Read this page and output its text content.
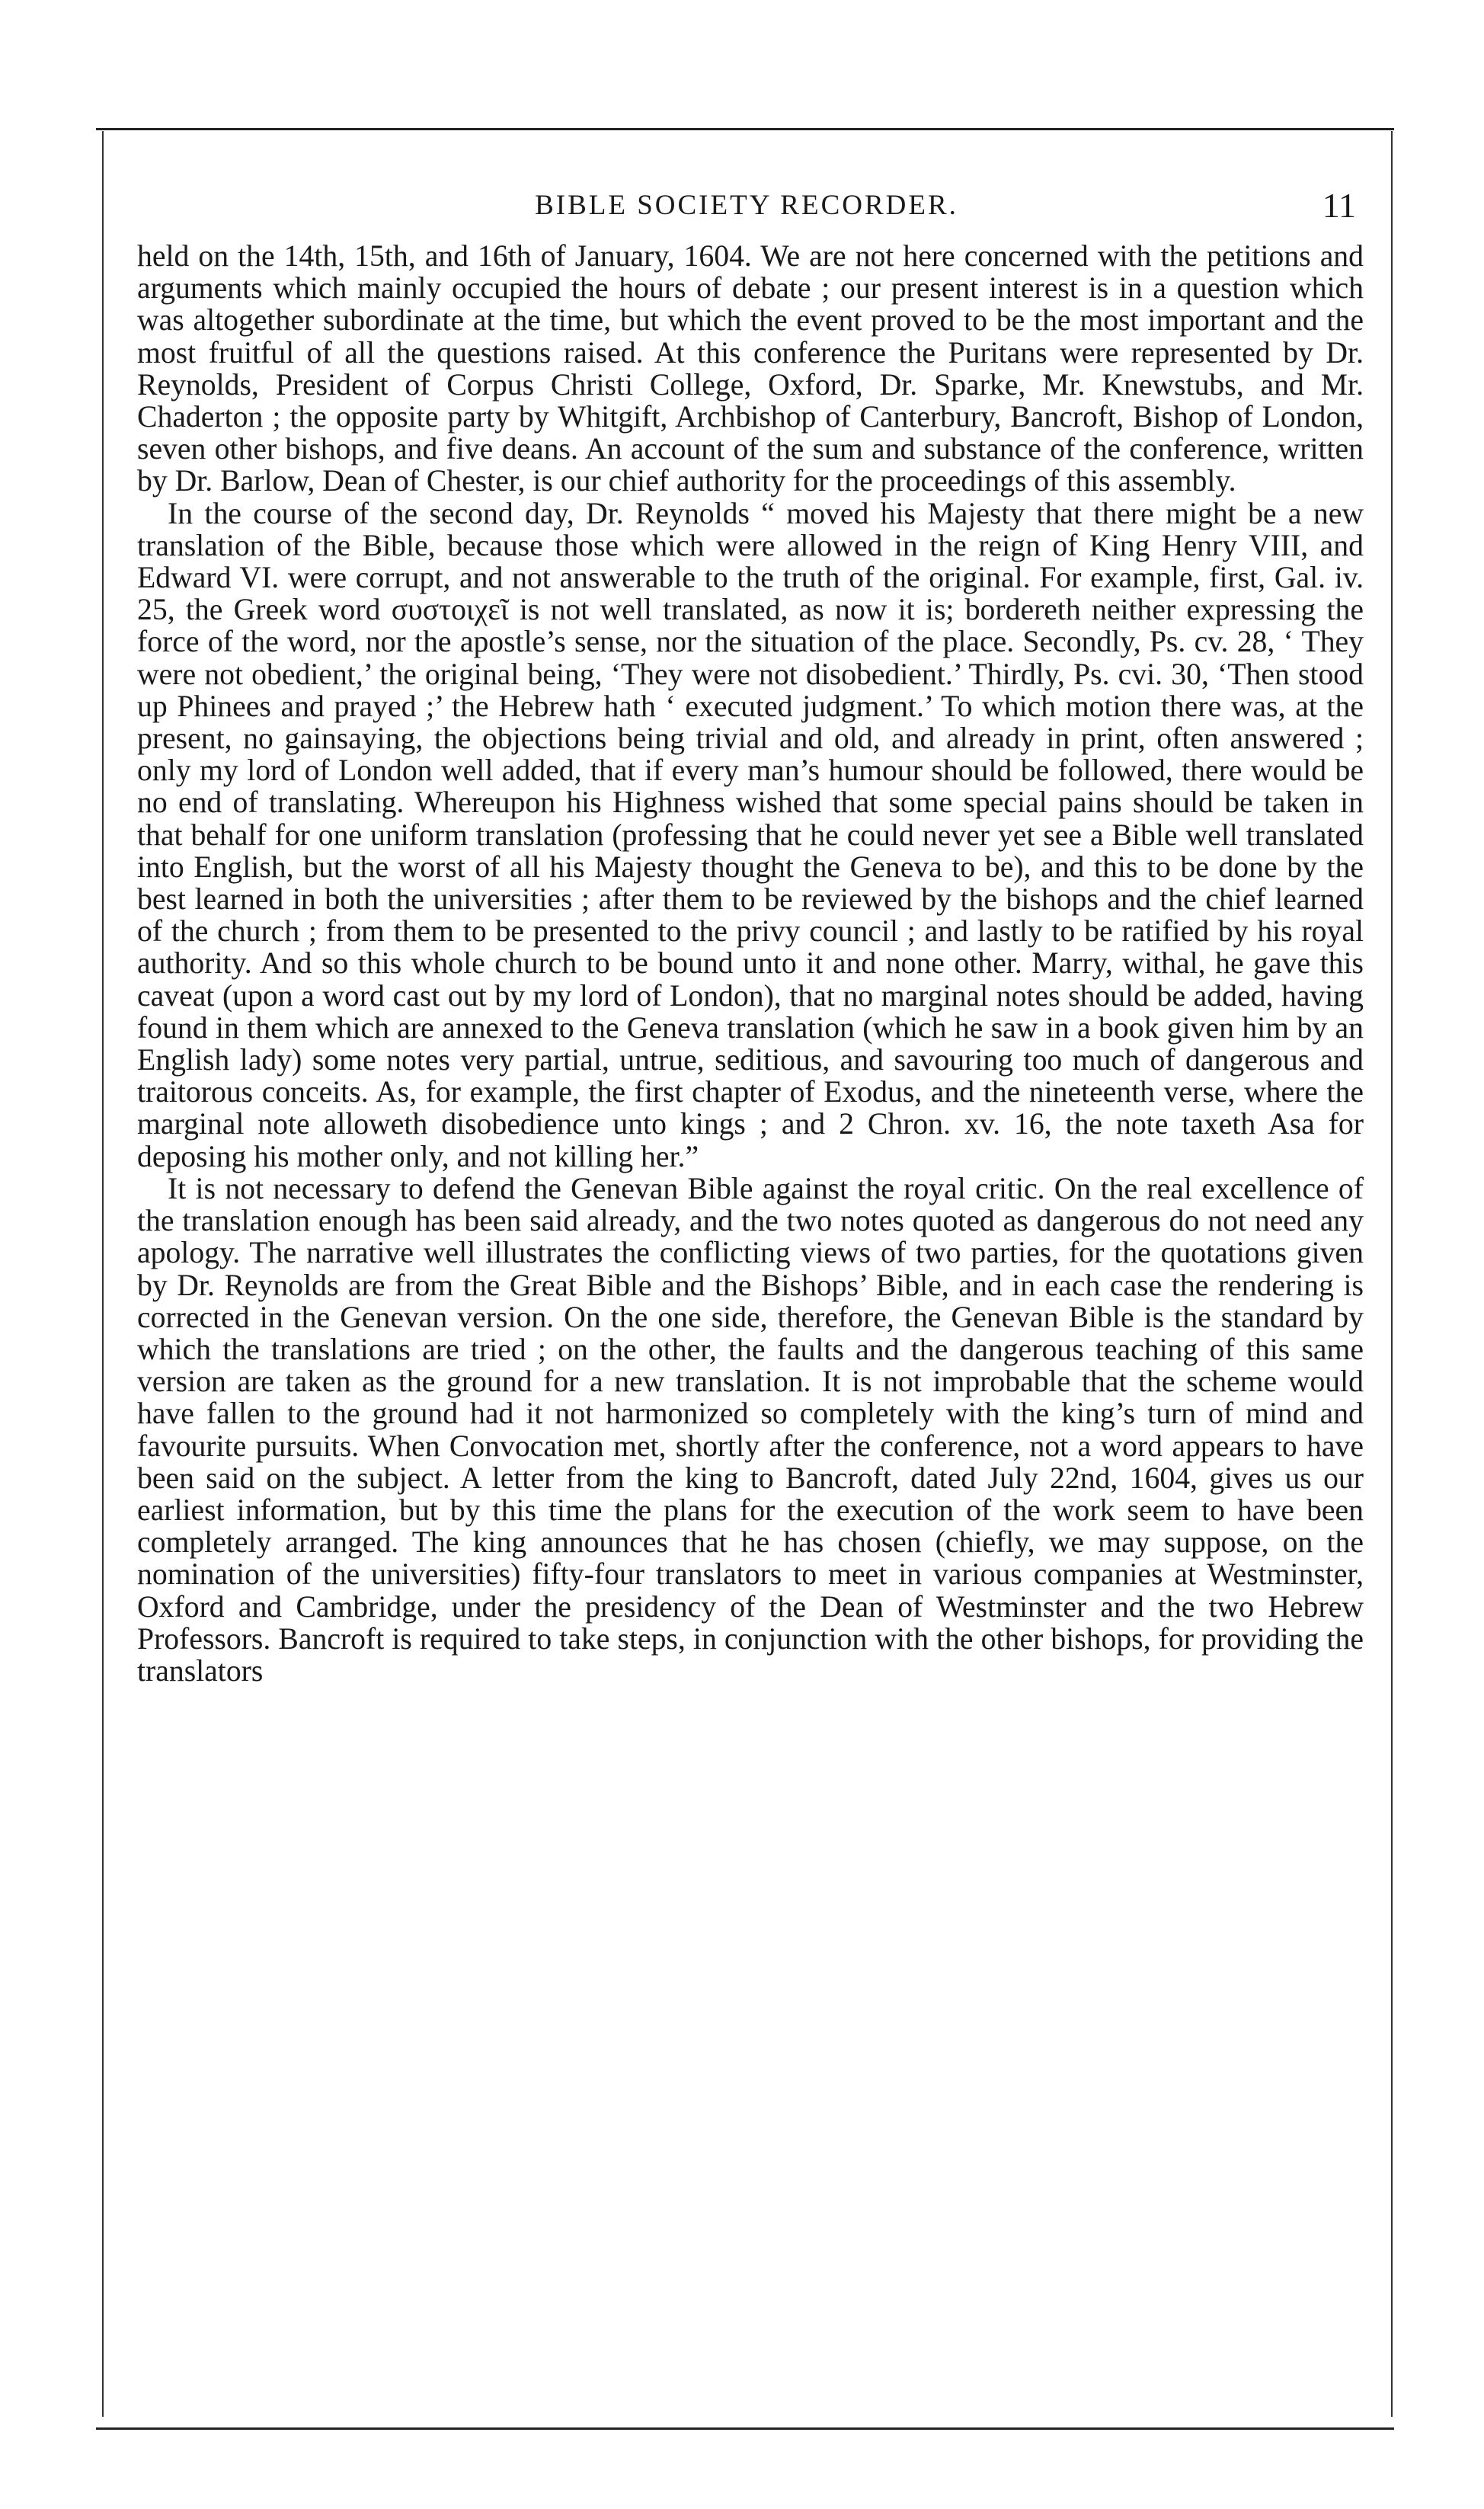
BIBLE SOCIETY RECORDER.	11

held on the 14th, 15th, and 16th of January, 1604. We are not here concerned with the petitions and arguments which mainly occupied the hours of debate ; our present interest is in a question which was altogether subordinate at the time, but which the event proved to be the most important and the most fruitful of all the questions raised. At this conference the Puritans were represented by Dr. Reynolds, President of Corpus Christi College, Oxford, Dr. Sparke, Mr. Knewstubs, and Mr. Chaderton ; the opposite party by Whitgift, Archbishop of Canterbury, Bancroft, Bishop of London, seven other bishops, and five deans. An account of the sum and substance of the conference, written by Dr. Barlow, Dean of Chester, is our chief authority for the proceedings of this assembly.

In the course of the second day, Dr. Reynolds “ moved his Majesty that there might be a new translation of the Bible, because those which were allowed in the reign of King Henry VIII, and Edward VI. were corrupt, and not answerable to the truth of the original. For example, first, Gal. iv. 25, the Greek word συστοιχεῖ is not well translated, as now it is; bordereth neither expressing the force of the word, nor the apostle’s sense, nor the situation of the place. Secondly, Ps. cv. 28, ‘ They were not obedient,’ the original being, ‘They were not disobedient.’ Thirdly, Ps. cvi. 30, ‘Then stood up Phinees and prayed ;’ the Hebrew hath ‘ executed judgment.’ To which motion there was, at the present, no gainsaying, the objections being trivial and old, and already in print, often answered ; only my lord of London well added, that if every man’s humour should be followed, there would be no end of translating. Whereupon his Highness wished that some special pains should be taken in that behalf for one uniform translation (professing that he could never yet see a Bible well translated into English, but the worst of all his Majesty thought the Geneva to be), and this to be done by the best learned in both the universities ; after them to be reviewed by the bishops and the chief learned of the church ; from them to be presented to the privy council ; and lastly to be ratified by his royal authority. And so this whole church to be bound unto it and none other. Marry, withal, he gave this caveat (upon a word cast out by my lord of London), that no marginal notes should be added, having found in them which are annexed to the Geneva translation (which he saw in a book given him by an English lady) some notes very partial, untrue, seditious, and savouring too much of dangerous and traitorous conceits. As, for example, the first chapter of Exodus, and the nineteenth verse, where the marginal note alloweth disobedience unto kings ; and 2 Chron. xv. 16, the note taxeth Asa for deposing his mother only, and not killing her.”

It is not necessary to defend the Genevan Bible against the royal critic. On the real excellence of the translation enough has been said already, and the two notes quoted as dangerous do not need any apology. The narrative well illustrates the conflicting views of two parties, for the quotations given by Dr. Reynolds are from the Great Bible and the Bishops’ Bible, and in each case the rendering is corrected in the Genevan version. On the one side, therefore, the Genevan Bible is the standard by which the translations are tried ; on the other, the faults and the dangerous teaching of this same version are taken as the ground for a new translation. It is not improbable that the scheme would have fallen to the ground had it not harmonized so completely with the king’s turn of mind and favourite pursuits. When Convocation met, shortly after the conference, not a word appears to have been said on the subject. A letter from the king to Bancroft, dated July 22nd, 1604, gives us our earliest information, but by this time the plans for the execution of the work seem to have been completely arranged. The king announces that he has chosen (chiefly, we may suppose, on the nomination of the universities) fifty-four translators to meet in various companies at Westminster, Oxford and Cambridge, under the presidency of the Dean of Westminster and the two Hebrew Professors. Bancroft is required to take steps, in conjunction with the other bishops, for providing the translators
